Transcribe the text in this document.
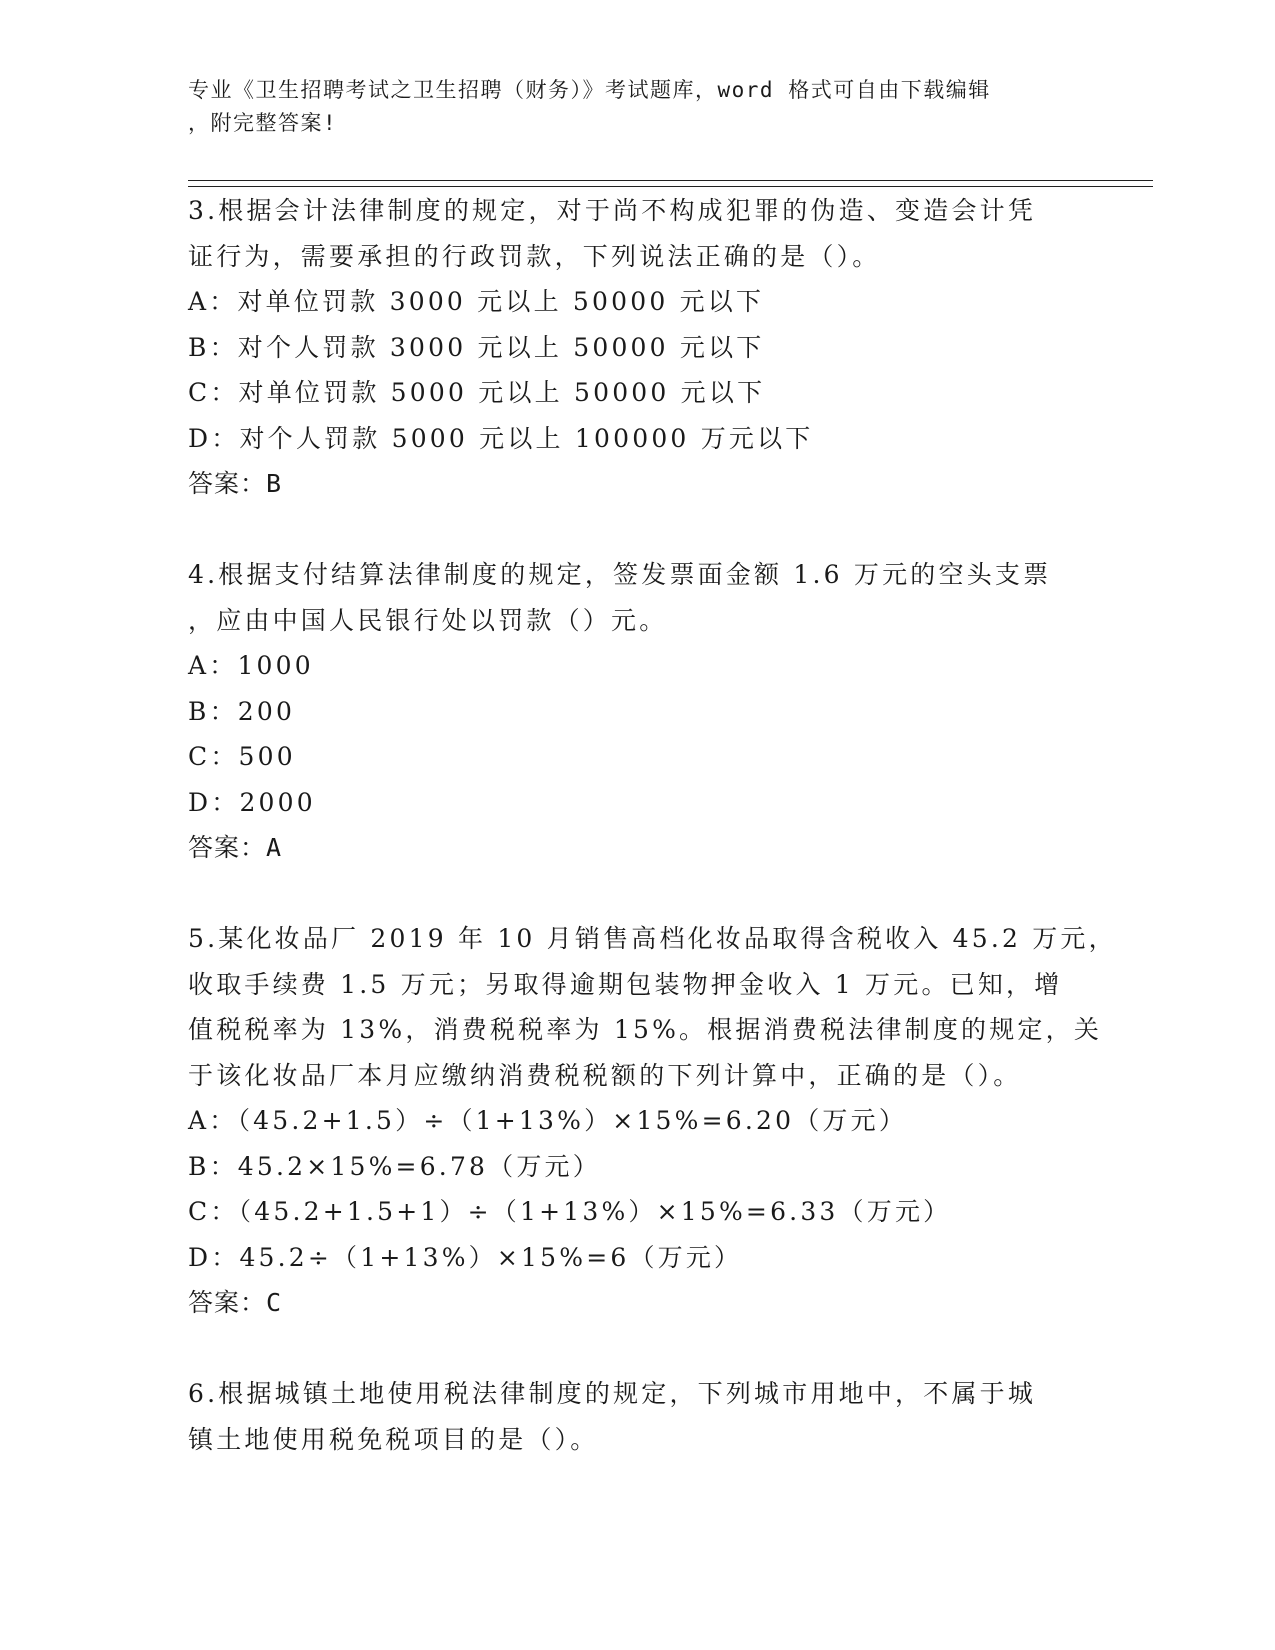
专业《卫生招聘考试之卫生招聘（财务）》考试题库，word 格式可自由下载编辑
，附完整答案!
3.根据会计法律制度的规定，对于尚不构成犯罪的伪造、变造会计凭
证行为，需要承担的行政罚款，下列说法正确的是（）。
A：对单位罚款 3000 元以上 50000 元以下
B：对个人罚款 3000 元以上 50000 元以下
C：对单位罚款 5000 元以上 50000 元以下
D：对个人罚款 5000 元以上 100000 万元以下
答案：B
4.根据支付结算法律制度的规定，签发票面金额 1.6 万元的空头支票
，应由中国人民银行处以罚款（）元。
A：1000
B：200
C：500
D：2000
答案：A
5.某化妆品厂 2019 年 10 月销售高档化妆品取得含税收入 45.2 万元，
收取手续费 1.5 万元；另取得逾期包装物押金收入 1 万元。已知，增
值税税率为 13%，消费税税率为 15%。根据消费税法律制度的规定，关
于该化妆品厂本月应缴纳消费税税额的下列计算中，正确的是（）。
A：（45.2+1.5）÷（1+13%）×15%=6.20（万元）
B：45.2×15%=6.78（万元）
C：（45.2+1.5+1）÷（1+13%）×15%=6.33（万元）
D：45.2÷（1+13%）×15%=6（万元）
答案：C
6.根据城镇土地使用税法律制度的规定，下列城市用地中，不属于城
镇土地使用税免税项目的是（）。
